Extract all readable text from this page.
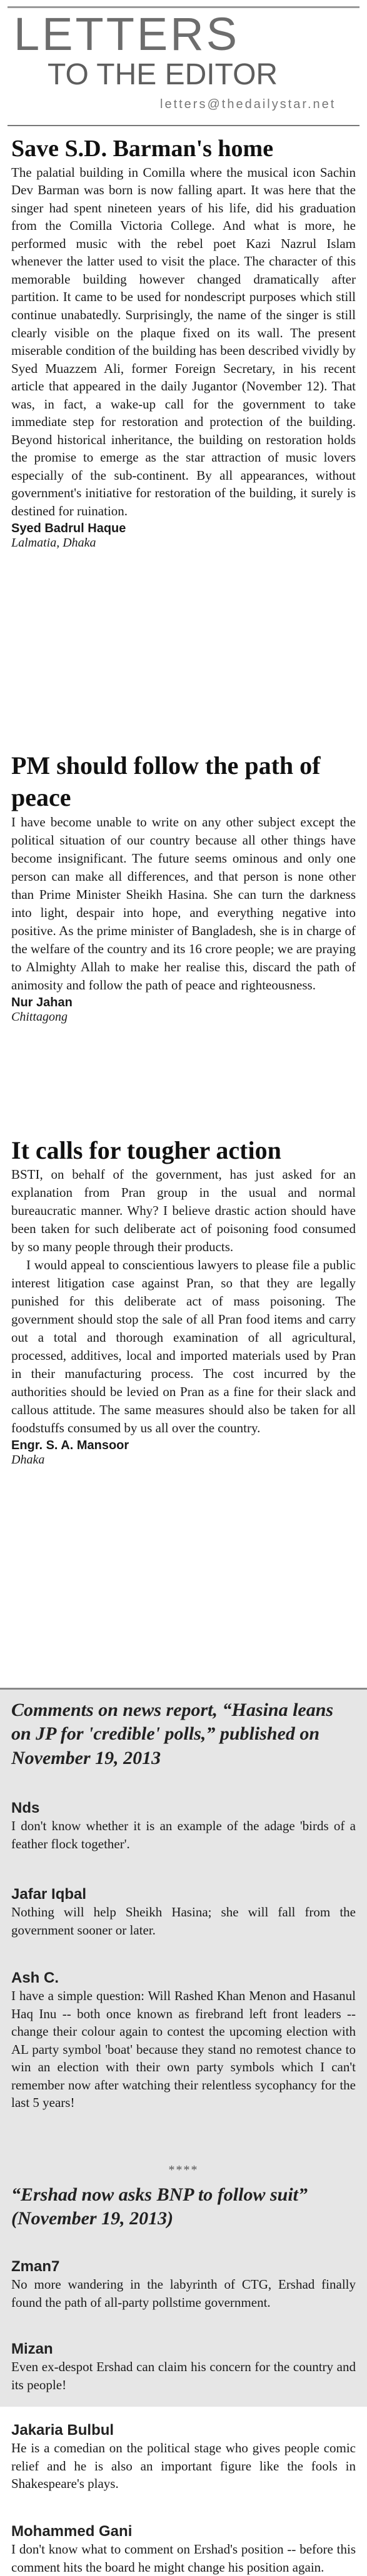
LETTERS
TO THE EDITOR
letters@thedailystar.net
Save S.D. Barman's home

The palatial building in Comilla where the musical icon Sachin Dev Barman was born is now falling apart. It was here that the singer had spent nineteen years of his life, did his graduation from the Comilla Victoria College. And what is more, he performed music with the rebel poet Kazi Nazrul Islam whenever the latter used to visit the place. The character of this memorable building however changed dramatically after partition. It came to be used for nondescript purposes which still continue unabatedly. Surprisingly, the name of the singer is still clearly visible on the plaque fixed on its wall. The present miserable condition of the building has been described vividly by Syed Muazzem Ali, former Foreign Secretary, in his recent article that appeared in the daily Jugantor (November 12). That was, in fact, a wake-up call for the government to take immediate step for restoration and protection of the building. Beyond historical inheritance, the building on restoration holds the promise to emerge as the star attraction of music lovers especially of the sub-continent. By all appearances, without government's initiative for restoration of the building, it surely is destined for ruination.

Syed Badrul Haque
Lalmatia, Dhaka
PM should follow the path of peace

I have become unable to write on any other subject except the political situation of our country because all other things have become insignificant. The future seems ominous and only one person can make all differences, and that person is none other than Prime Minister Sheikh Hasina. She can turn the darkness into light, despair into hope, and everything negative into positive. As the prime minister of Bangladesh, she is in charge of the welfare of the country and its 16 crore people; we are praying to Almighty Allah to make her realise this, discard the path of animosity and follow the path of peace and righteousness.

Nur Jahan
Chittagong
It calls for tougher action

BSTI, on behalf of the government, has just asked for an explanation from Pran group in the usual and normal bureaucratic manner. Why? I believe drastic action should have been taken for such deliberate act of poisoning food consumed by so many people through their products.

I would appeal to conscientious lawyers to please file a public interest litigation case against Pran, so that they are legally punished for this deliberate act of mass poisoning. The government should stop the sale of all Pran food items and carry out a total and thorough examination of all agricultural, processed, additives, local and imported materials used by Pran in their manufacturing process. The cost incurred by the authorities should be levied on Pran as a fine for their slack and callous attitude. The same measures should also be taken for all foodstuffs consumed by us all over the country.

Engr. S. A. Mansoor
Dhaka
Comments on news report, “Hasina leans on JP for 'credible' polls,” published on November 19, 2013
Nds
I don't know whether it is an example of the adage 'birds of a feather flock together'.
Jafar Iqbal
Nothing will help Sheikh Hasina; she will fall from the government sooner or later.
Ash C.
I have a simple question: Will Rashed Khan Menon and Hasanul Haq Inu -- both once known as firebrand left front leaders -- change their colour again to contest the upcoming election with AL party symbol 'boat' because they stand no remotest chance to win an election with their own party symbols which I can't remember now after watching their relentless sycophancy for the last 5 years!
****
“Ershad now asks BNP to follow suit” (November 19, 2013)
Zman7
No more wandering in the labyrinth of CTG, Ershad finally found the path of all-party pollstime government.
Mizan
Even ex-despot Ershad can claim his concern for the country and its people!
Jakaria Bulbul
He is a comedian on the political stage who gives people comic relief and he is also an important figure like the fools in Shakespeare's plays.
Mohammed Gani
I don't know what to comment on Ershad's position -- before this comment hits the board he might change his position again.
